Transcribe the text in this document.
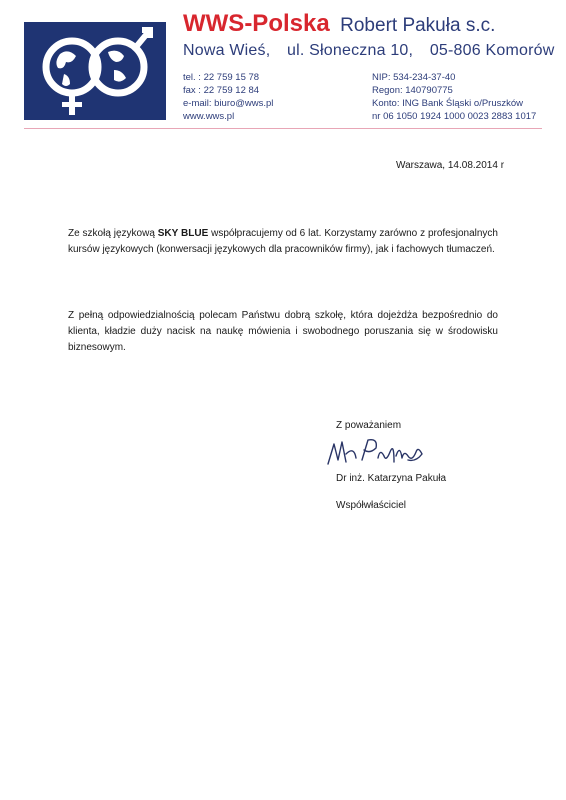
WWS-Polska Robert Pakuła s.c.
Nowa Wieś, ul. Słoneczna 10, 05-806 Komorów
tel. : 22 759 15 78
fax : 22 759 12 84
e-mail: biuro@wws.pl
www.wws.pl
NIP: 534-234-37-40
Regon: 140790775
Konto: ING Bank Śląski o/Pruszków
nr 06 1050 1924 1000 0023 2883 1017
Warszawa, 14.08.2014 r
Ze szkołą językową SKY BLUE współpracujemy od 6 lat. Korzystamy zarówno z profesjonalnych kursów językowych (konwersacji językowych dla pracowników firmy), jak i fachowych tłumaczeń.
Z pełną odpowiedzialnością polecam Państwu dobrą szkołę, która dojeżdża bezpośrednio do klienta, kładzie duży nacisk na naukę mówienia i swobodnego poruszania się w środowisku biznesowym.
Z poważaniem
Dr inż. Katarzyna Pakuła
Współwłaściciel
